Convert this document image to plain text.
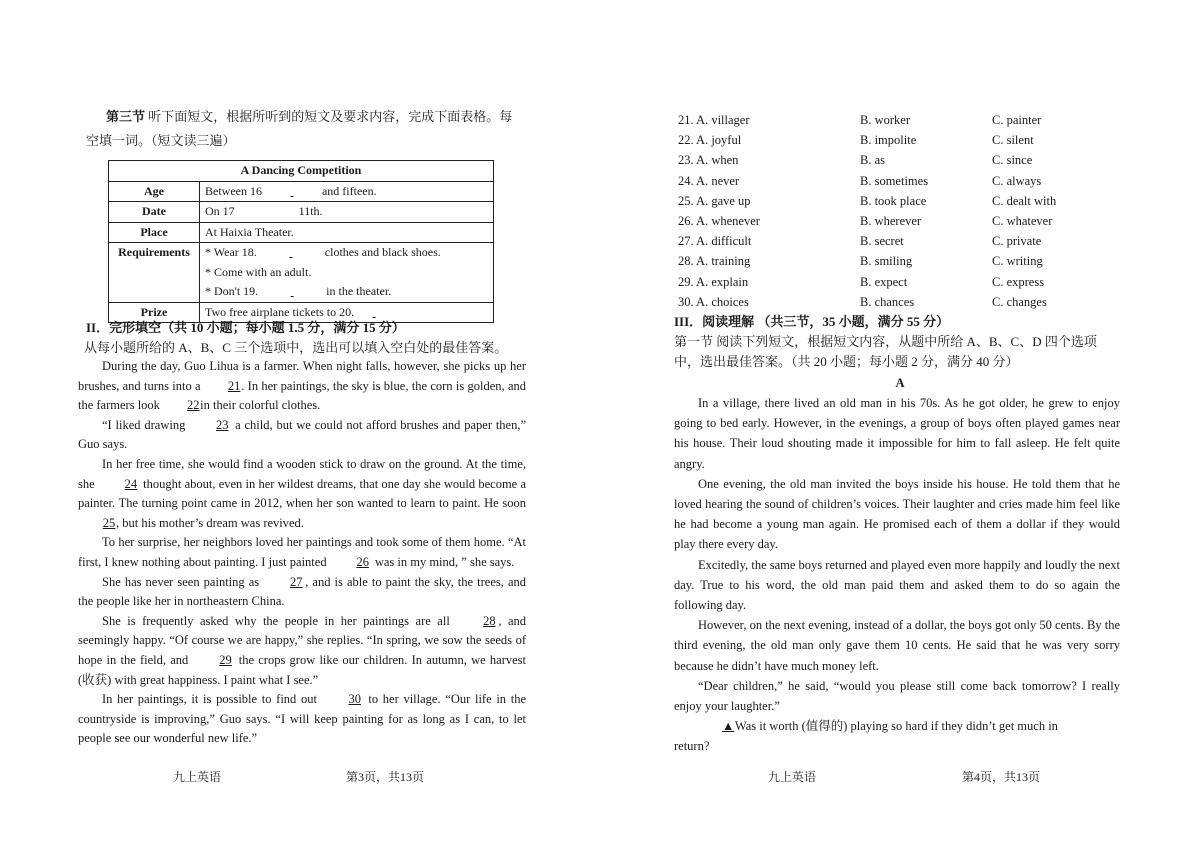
第三节 听下面短文，根据所听到的短文及要求内容，完成下面表格。每

空填一词。（短文读三遍）

A Dancing Competition	
Age	Between 16 and fifteen.
Date	On 17 11th.
Place	At Haixia Theater.
Requirements	* Wear 18. clothes and black shoes.
* Come with an adult.
* Don't 19. in the theater.

Prize	Two free airplane tickets to 20.

II．完形填空（共 10 小题；每小题 1.5 分，满分 15 分）

从每小题所给的 A、B、C 三个选项中，选出可以填入空白处的最佳答案。

During the day, Guo Lihua is a farmer. When night falls, however, she picks up her brushes, and turns into a 21 . In her paintings, the sky is blue, the corn is golden, and the farmers look 22 in their colorful clothes.

“I liked drawing 23 a child, but we could not afford brushes and paper then,” Guo says.

In her free time, she would find a wooden stick to draw on the ground. At the time, she 24 thought about, even in her wildest dreams, that one day she would become a painter. The turning point came in 2012, when her son wanted to learn to paint. He soon 25, but his mother’s dream was revived.

To her surprise, her neighbors loved her paintings and took some of them home. “At first, I knew nothing about painting. I just painted 26 was in my mind, ” she says.

She has never seen painting as 27 , and is able to paint the sky, the trees, and the people like her in northeastern China.

She is frequently asked why the people in her paintings are all	28 , and seemingly happy. “Of course we are happy,” she replies. “In spring, we sow the seeds of hope in the field, and 29 the crops grow like our children. In autumn, we harvest (收获) with great happiness. I paint what I see.”

In her paintings, it is possible to find out	30 to her village. “Our life in the countryside is improving,” Guo says. “I will keep painting for as long as I can, to let people see our wonderful new life.”

九上英语	第3页，共13页
21. A. villager	B. worker	C. painter
22. A. joyful	B. impolite	C. silent
23. A. when	B. as	C. since
24. A. never	B. sometimes	C. always
25. A. gave up	B. took place	C. dealt with
26. A. whenever	B. wherever	C. whatever
27. A. difficult	B. secret	C. private
28. A. training	B. smiling	C. writing
29. A. explain	B. expect	C. express
30. A. choices	B. chances	C. changes

III．阅读理解 （共三节，35 小题，满分 55 分）

第一节 阅读下列短文，根据短文内容，从题中所给 A、B、C、D 四个选项中，选出最佳答案。（共 20 小题；每小题 2 分，满分 40 分）

A

In a village, there lived an old man in his 70s. As he got older, he grew to enjoy going to bed early. However, in the evenings, a group of boys often played games near his house. Their loud shouting made it impossible for him to fall asleep. He felt quite angry.

One evening, the old man invited the boys inside his house. He told them that he loved hearing the sound of children’s voices. Their laughter and cries made him feel like he had become a young man again. He promised each of them a dollar if they would play there every day.

Excitedly, the same boys returned and played even more happily and loudly the next day. True to his word, the old man paid them and asked them to do so again the following day.

However, on the next evening, instead of a dollar, the boys got only 50 cents. By the third evening, the old man only gave them 10 cents. He said that he was very sorry because he didn’t have much money left.

“Dear children,” he said, “would you please still come back tomorrow? I really enjoy your laughter.”

▲ Was it worth (值得的) playing so hard if they didn’t get much in

return?

九上英语	第4页，共13页
